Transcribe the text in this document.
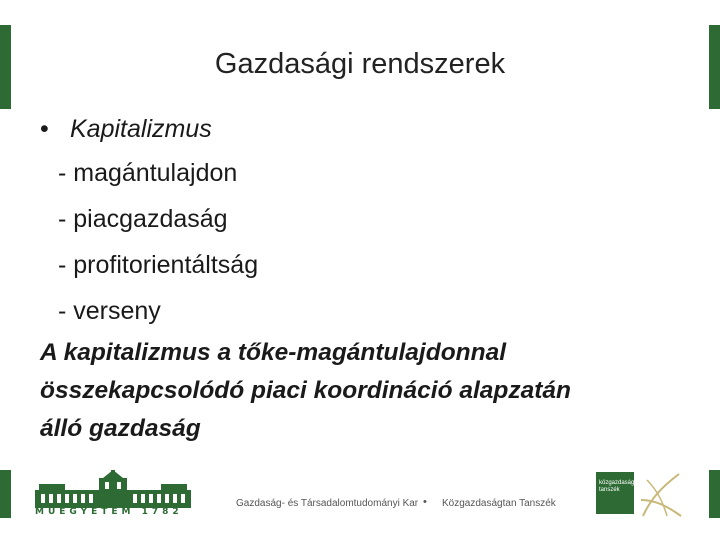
Gazdasági rendszerek
• Kapitalizmus
- magántulajdon
- piacgazdaság
- profitorientáltság
- verseny
A kapitalizmus a tőke-magántulajdonnal
összekapcsolódó piaci koordináció alapzatán
álló gazdaság
MŰEGYETEM 1782
Gazdaság- és Társadalomtudományi Kar • Közgazdaságtan Tanszék
közgazdaságtan
tanszék
